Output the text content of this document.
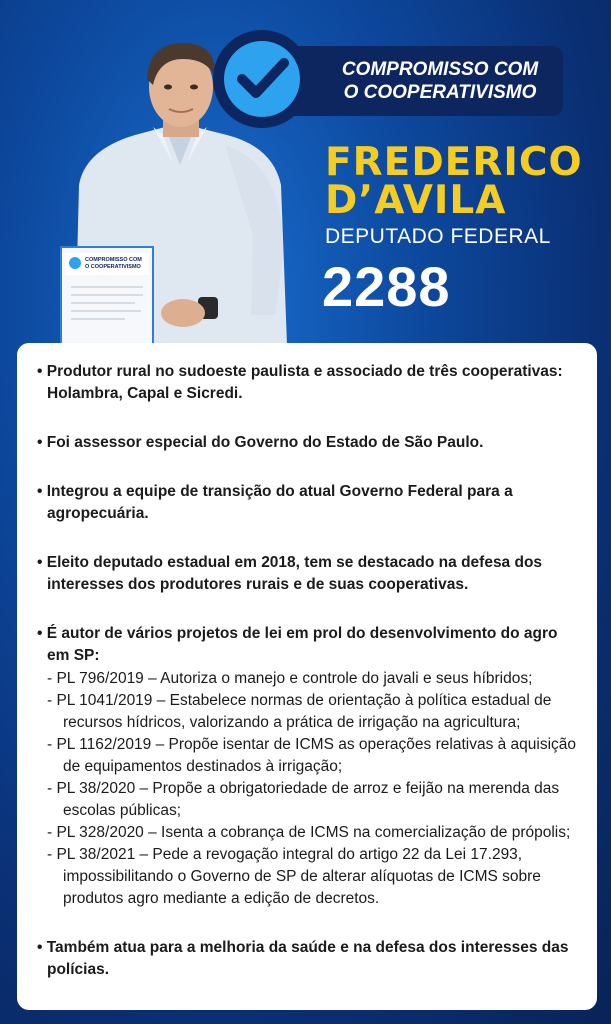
COMPROMISSO COM
O COOPERATIVISMO
COMPROMISSO COM
O COOPERATIVISMO
FREDERICO
D’AVILA
DEPUTADO FEDERAL
2288
• Produtor rural no sudoeste paulista e associado de três cooperativas: Holambra, Capal e Sicredi.
• Foi assessor especial do Governo do Estado de São Paulo.
• Integrou a equipe de transição do atual Governo Federal para a agropecuária.
• Eleito deputado estadual em 2018, tem se destacado na defesa dos interesses dos produtores rurais e de suas cooperativas.
• É autor de vários projetos de lei em prol do desenvolvimento do agro em SP:
- PL 796/2019 – Autoriza o manejo e controle do javali e seus híbridos;
- PL 1041/2019 – Estabelece normas de orientação à política estadual de recursos hídricos, valorizando a prática de irrigação na agricultura;
- PL 1162/2019 – Propõe isentar de ICMS as operações relativas à aquisição de equipamentos destinados à irrigação;
- PL 38/2020 – Propõe a obrigatoriedade de arroz e feijão na merenda das escolas públicas;
- PL 328/2020 – Isenta a cobrança de ICMS na comercialização de própolis;
- PL 38/2021 – Pede a revogação integral do artigo 22 da Lei 17.293, impossibilitando o Governo de SP de alterar alíquotas de ICMS sobre produtos agro mediante a edição de decretos.
• Também atua para a melhoria da saúde e na defesa dos interesses das polícias.
